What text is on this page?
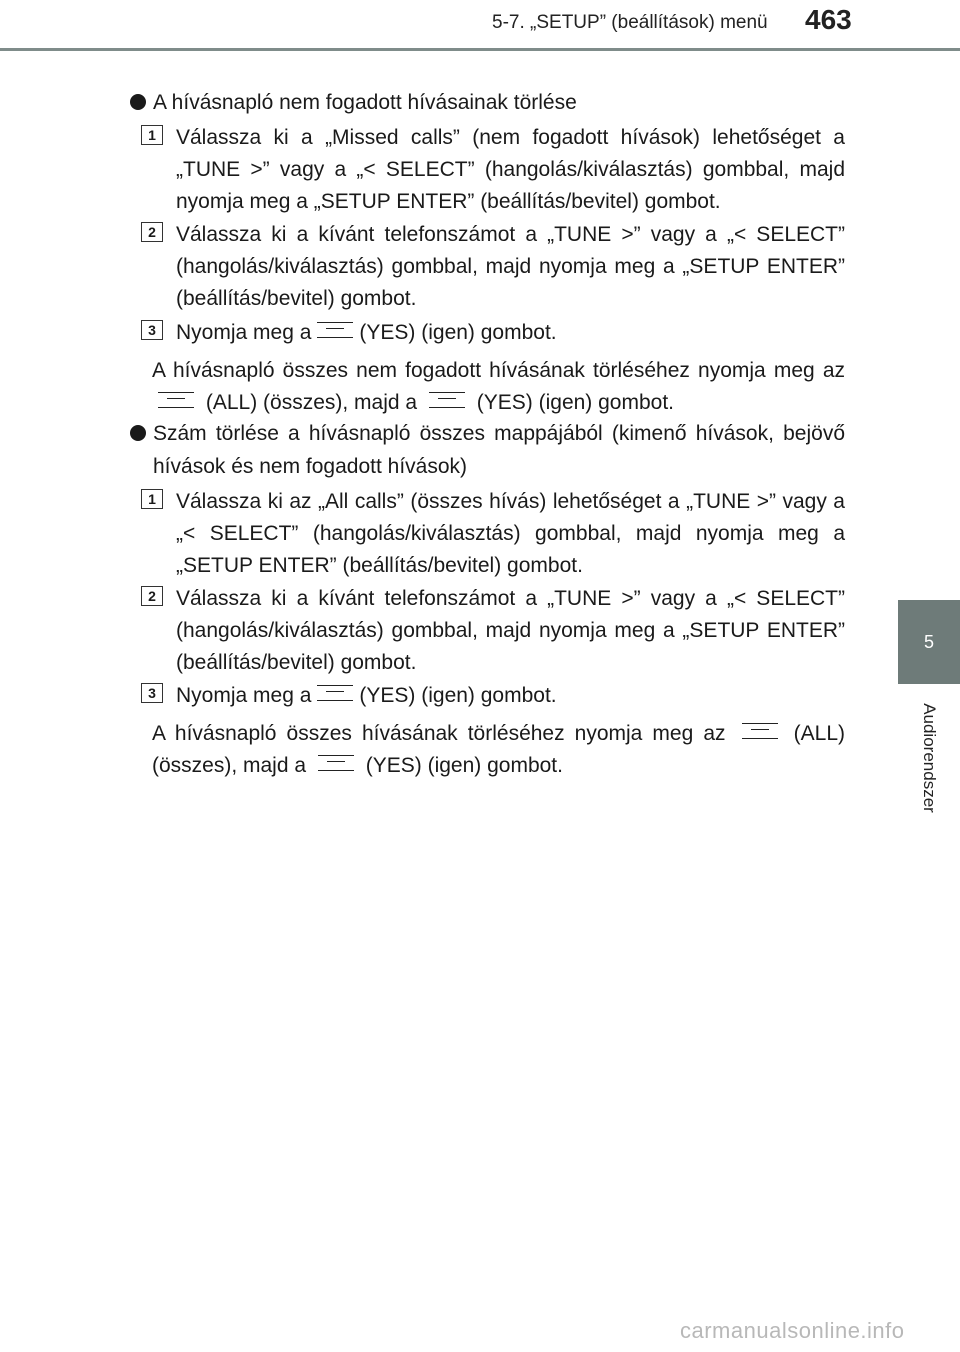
5-7. „SETUP” (beállítások) menü 463
5
Audiorendszer
A hívásnapló nem fogadott hívásainak törlése
1 Válassza ki a „Missed calls” (nem fogadott hívások) lehetőséget a „TUNE >” vagy a „< SELECT” (hangolás/kiválasztás) gombbal, majd nyomja meg a „SETUP ENTER” (beállítás/bevitel) gombot.
2 Válassza ki a kívánt telefonszámot a „TUNE >” vagy a „< SELECT” (hangolás/kiválasztás) gombbal, majd nyomja meg a „SETUP ENTER” (beállítás/bevitel) gombot.
3 Nyomja meg a (YES) (igen) gombot.
A hívásnapló összes nem fogadott hívásának törléséhez nyomja meg az  (ALL) (összes), majd a	(YES) (igen) gombot.
Szám törlése a hívásnapló összes mappájából (kimenő hívások, bejövő hívások és nem fogadott hívások)
1 Válassza ki az „All calls” (összes hívás) lehetőséget a „TUNE >” vagy a „< SELECT” (hangolás/kiválasztás) gombbal, majd nyomja meg a „SETUP ENTER” (beállítás/bevitel) gombot.
2 Válassza ki a kívánt telefonszámot a „TUNE >” vagy a „< SELECT” (hangolás/kiválasztás) gombbal, majd nyomja meg a „SETUP ENTER” (beállítás/bevitel) gombot.
3 Nyomja meg a (YES) (igen) gombot.
A hívásnapló összes hívásának törléséhez nyomja meg az	(ALL) (összes), majd a	(YES) (igen) gombot.
carmanualsonline.info
